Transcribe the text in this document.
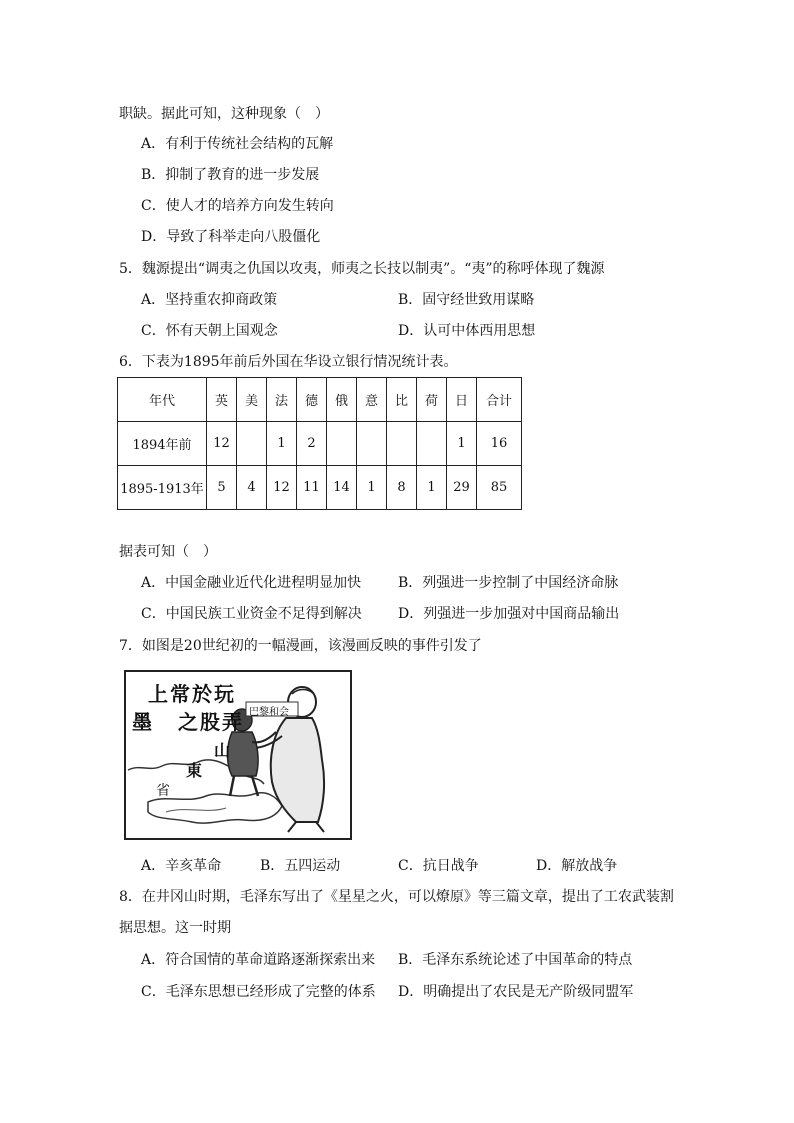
职缺。据此可知，这种现象（　）
A．有利于传统社会结构的瓦解
B．抑制了教育的进一步发展
C．使人才的培养方向发生转向
D．导致了科举走向八股僵化
5．魏源提出“调夷之仇国以攻夷，师夷之长技以制夷”。“夷”的称呼体现了魏源
A．坚持重农抑商政策	B．固守经世致用谋略
C．怀有天朝上国观念	D．认可中体西用思想
6．下表为1895年前后外国在华设立银行情况统计表。
年代	英	美	法	德	俄	意	比	荷	日	合计
1894年前	12		1	2					1	16
1895-1913年	5	4	12	11	14	1	8	1	29	85
据表可知（　）
A．中国金融业近代化进程明显加快	B．列强进一步控制了中国经济命脉
C．中国民族工业资金不足得到解决	D．列强进一步加强对中国商品输出
7．如图是20世纪初的一幅漫画，该漫画反映的事件引发了
上常於玩
墨 之股弄 巴黎和会
山
東
省
A．辛亥革命	B．五四运动	C．抗日战争	D．解放战争
8．在井冈山时期，毛泽东写出了《星星之火，可以燎原》等三篇文章，提出了工农武装割
据思想。这一时期
A．符合国情的革命道路逐渐探索出来 B．毛泽东系统论述了中国革命的特点
C．毛泽东思想已经形成了完整的体系 D．明确提出了农民是无产阶级同盟军
